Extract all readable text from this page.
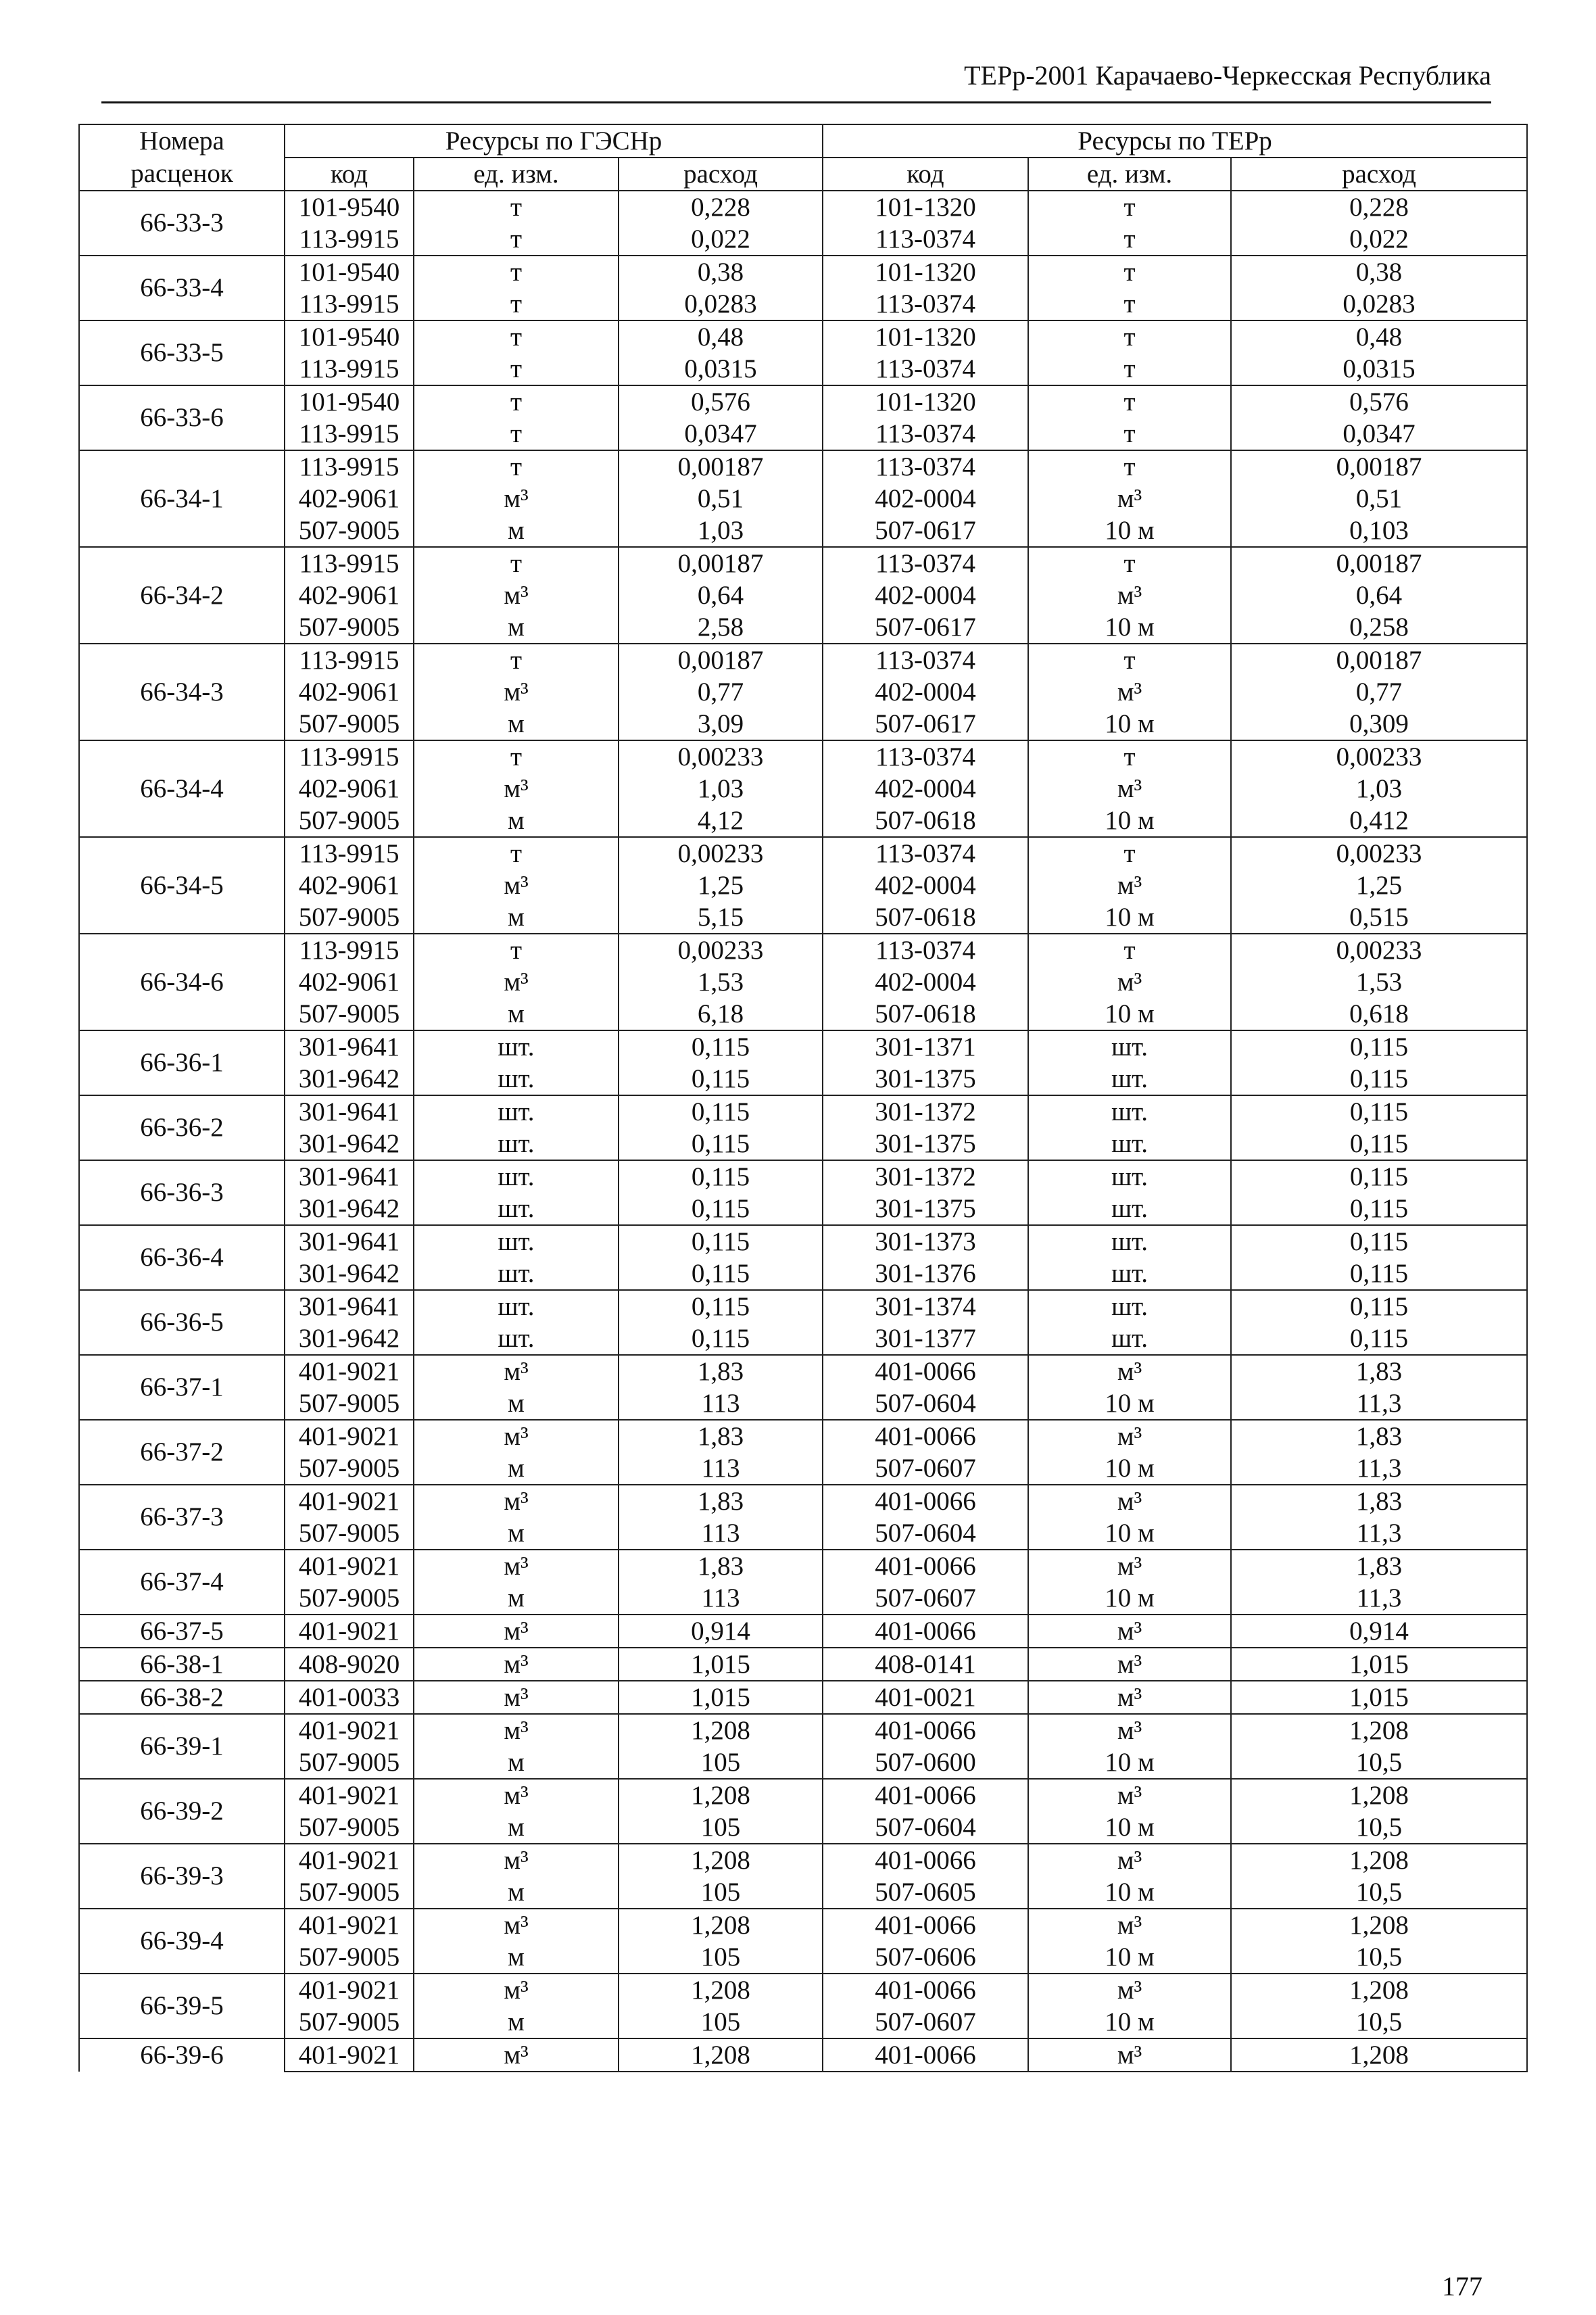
ТЕРр-2001 Карачаево-Черкесская Республика
Номера	Ресурсы по ГЭСНр			Ресурсы по ТЕРр		
расценок	код	ед. изм.	расход	код	ед. изм.	расход
66-33-3	101-9540	т	0,228	101-1320	т	0,228
	113-9915	т	0,022	113-0374	т	0,022
66-33-4	101-9540	т	0,38	101-1320	т	0,38
	113-9915	т	0,0283	113-0374	т	0,0283
66-33-5	101-9540	т	0,48	101-1320	т	0,48
	113-9915	т	0,0315	113-0374	т	0,0315
66-33-6	101-9540	т	0,576	101-1320	т	0,576
	113-9915	т	0,0347	113-0374	т	0,0347
66-34-1	113-9915	т	0,00187	113-0374	т	0,00187
	402-9061	м³	0,51	402-0004	м³	0,51
	507-9005	м	1,03	507-0617	10 м	0,103
66-34-2	113-9915	т	0,00187	113-0374	т	0,00187
	402-9061	м³	0,64	402-0004	м³	0,64
	507-9005	м	2,58	507-0617	10 м	0,258
66-34-3	113-9915	т	0,00187	113-0374	т	0,00187
	402-9061	м³	0,77	402-0004	м³	0,77
	507-9005	м	3,09	507-0617	10 м	0,309
66-34-4	113-9915	т	0,00233	113-0374	т	0,00233
	402-9061	м³	1,03	402-0004	м³	1,03
	507-9005	м	4,12	507-0618	10 м	0,412
66-34-5	113-9915	т	0,00233	113-0374	т	0,00233
	402-9061	м³	1,25	402-0004	м³	1,25
	507-9005	м	5,15	507-0618	10 м	0,515
66-34-6	113-9915	т	0,00233	113-0374	т	0,00233
	402-9061	м³	1,53	402-0004	м³	1,53
	507-9005	м	6,18	507-0618	10 м	0,618
66-36-1	301-9641	шт.	0,115	301-1371	шт.	0,115
	301-9642	шт.	0,115	301-1375	шт.	0,115
66-36-2	301-9641	шт.	0,115	301-1372	шт.	0,115
	301-9642	шт.	0,115	301-1375	шт.	0,115
66-36-3	301-9641	шт.	0,115	301-1372	шт.	0,115
	301-9642	шт.	0,115	301-1375	шт.	0,115
66-36-4	301-9641	шт.	0,115	301-1373	шт.	0,115
	301-9642	шт.	0,115	301-1376	шт.	0,115
66-36-5	301-9641	шт.	0,115	301-1374	шт.	0,115
	301-9642	шт.	0,115	301-1377	шт.	0,115
66-37-1	401-9021	м³	1,83	401-0066	м³	1,83
	507-9005	м	113	507-0604	10 м	11,3
66-37-2	401-9021	м³	1,83	401-0066	м³	1,83
	507-9005	м	113	507-0607	10 м	11,3
66-37-3	401-9021	м³	1,83	401-0066	м³	1,83
	507-9005	м	113	507-0604	10 м	11,3
66-37-4	401-9021	м³	1,83	401-0066	м³	1,83
	507-9005	м	113	507-0607	10 м	11,3
66-37-5	401-9021	м³	0,914	401-0066	м³	0,914
66-38-1	408-9020	м³	1,015	408-0141	м³	1,015
66-38-2	401-0033	м³	1,015	401-0021	м³	1,015
66-39-1	401-9021	м³	1,208	401-0066	м³	1,208
	507-9005	м	105	507-0600	10 м	10,5
66-39-2	401-9021	м³	1,208	401-0066	м³	1,208
	507-9005	м	105	507-0604	10 м	10,5
66-39-3	401-9021	м³	1,208	401-0066	м³	1,208
	507-9005	м	105	507-0605	10 м	10,5
66-39-4	401-9021	м³	1,208	401-0066	м³	1,208
	507-9005	м	105	507-0606	10 м	10,5
66-39-5	401-9021	м³	1,208	401-0066	м³	1,208
	507-9005	м	105	507-0607	10 м	10,5
66-39-6	401-9021	м³	1,208	401-0066	м³	1,208
177
